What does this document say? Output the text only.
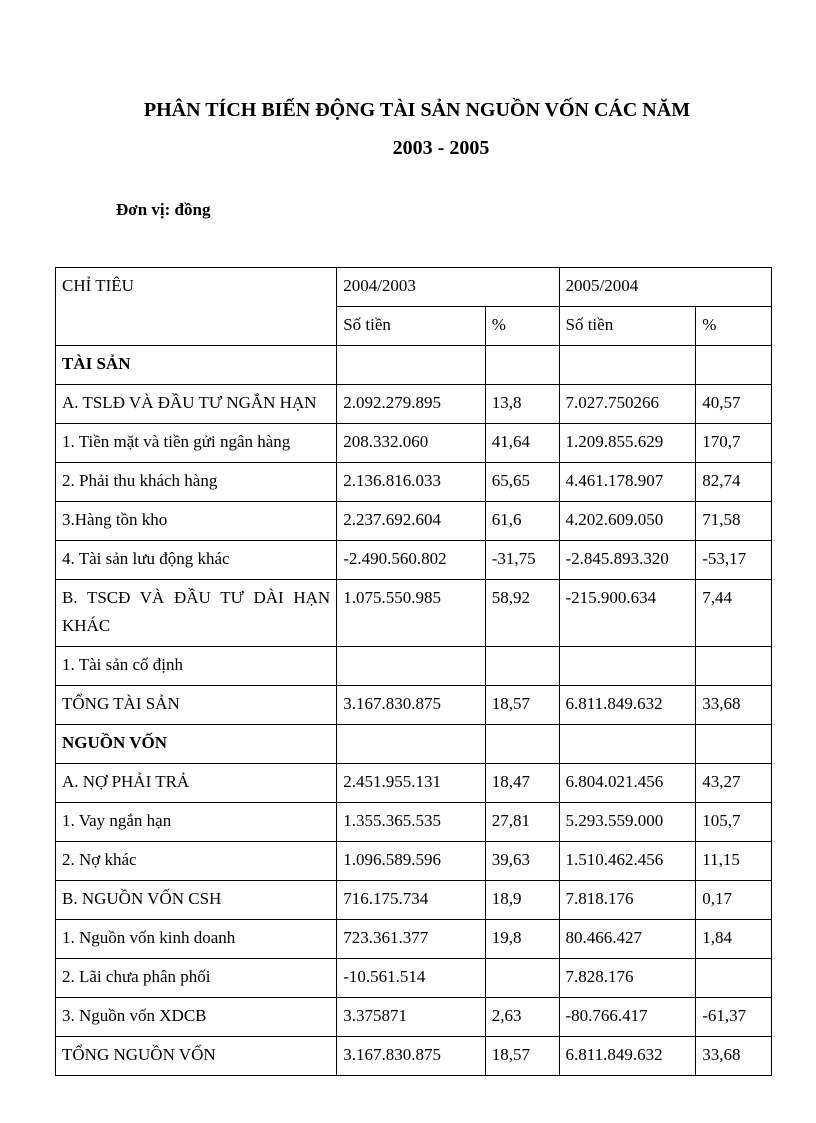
PHÂN TÍCH BIẾN ĐỘNG TÀI SẢN NGUỒN VỐN CÁC NĂM
2003 - 2005
Đơn vị: đồng
CHỈ TIÊU	2004/2003		2005/2004	
	Số tiền	%	Số tiền	%
TÀI SẢN				
A. TSLĐ VÀ ĐẦU TƯ NGẮN HẠN	2.092.279.895	13,8	7.027.750266	40,57
1. Tiền mặt và tiền gửi ngân hàng	208.332.060	41,64	1.209.855.629	170,7
2. Phải thu khách hàng	2.136.816.033	65,65	4.461.178.907	82,74
3.Hàng tồn kho	2.237.692.604	61,6	4.202.609.050	71,58
4. Tài sản lưu động khác	-2.490.560.802	-31,75	-2.845.893.320	-53,17
B. TSCĐ VÀ ĐẦU TƯ DÀI HẠN KHÁC	1.075.550.985	58,92	-215.900.634	7,44
1. Tài sản cố định				
TỔNG TÀI SẢN	3.167.830.875	18,57	6.811.849.632	33,68
NGUỒN VỐN				
A. NỢ PHẢI TRẢ	2.451.955.131	18,47	6.804.021.456	43,27
1. Vay ngắn hạn	1.355.365.535	27,81	5.293.559.000	105,7
2. Nợ khác	1.096.589.596	39,63	1.510.462.456	11,15
B. NGUỒN VỐN CSH	716.175.734	18,9	7.818.176	0,17
1. Nguồn vốn kinh doanh	723.361.377	19,8	80.466.427	1,84
2. Lãi chưa phân phối	-10.561.514		7.828.176	
3. Nguồn vốn XDCB	3.375871	2,63	-80.766.417	-61,37
TỔNG NGUỒN VỐN	3.167.830.875	18,57	6.811.849.632	33,68
